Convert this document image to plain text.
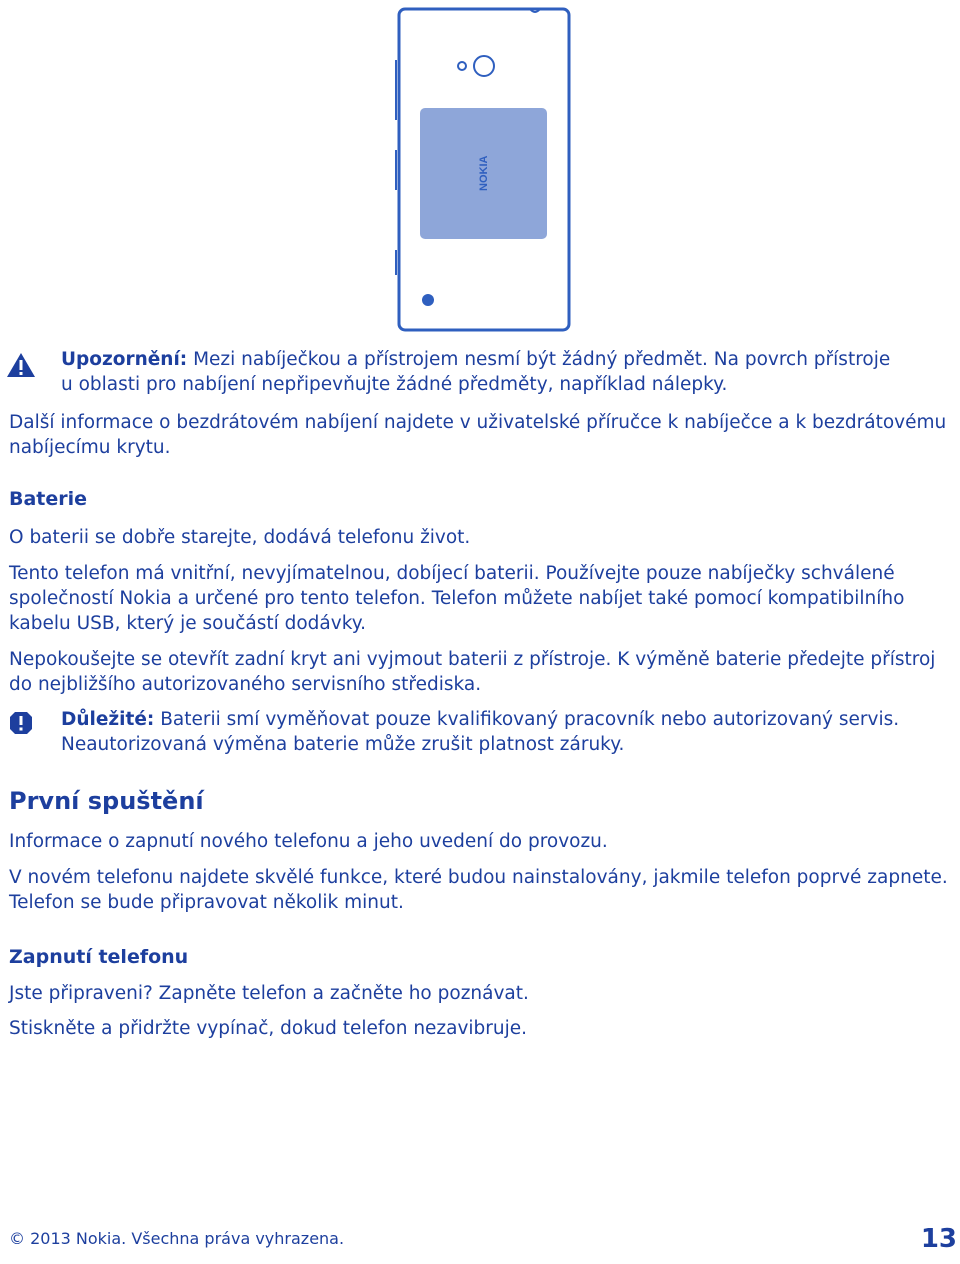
NOKIA

Upozornění: Mezi nabíječkou a přístrojem nesmí být žádný předmět. Na povrch přístroje

u oblasti pro nabíjení nepřipevňujte žádné předměty, například nálepky.

Další informace o bezdrátovém nabíjení najdete v uživatelské příručce k nabíječce a k bezdrátovému

nabíjecímu krytu.

Baterie

O baterii se dobře starejte, dodává telefonu život.

Tento telefon má vnitřní, nevyjímatelnou, dobíjecí baterii. Používejte pouze nabíječky schválené

společností Nokia a určené pro tento telefon. Telefon můžete nabíjet také pomocí kompatibilního

kabelu USB, který je součástí dodávky.

Nepokoušejte se otevřít zadní kryt ani vyjmout baterii z přístroje. K výměně baterie předejte přístroj

do nejbližšího autorizovaného servisního střediska.

Důležité: Baterii smí vyměňovat pouze kvalifikovaný pracovník nebo autorizovaný servis.

Neautorizovaná výměna baterie může zrušit platnost záruky.

První spuštění

Informace o zapnutí nového telefonu a jeho uvedení do provozu.

V novém telefonu najdete skvělé funkce, které budou nainstalovány, jakmile telefon poprvé zapnete.

Telefon se bude připravovat několik minut.

Zapnutí telefonu

Jste připraveni? Zapněte telefon a začněte ho poznávat.

Stiskněte a přidržte vypínač, dokud telefon nezavibruje.

© 2013 Nokia. Všechna práva vyhrazena.	13
